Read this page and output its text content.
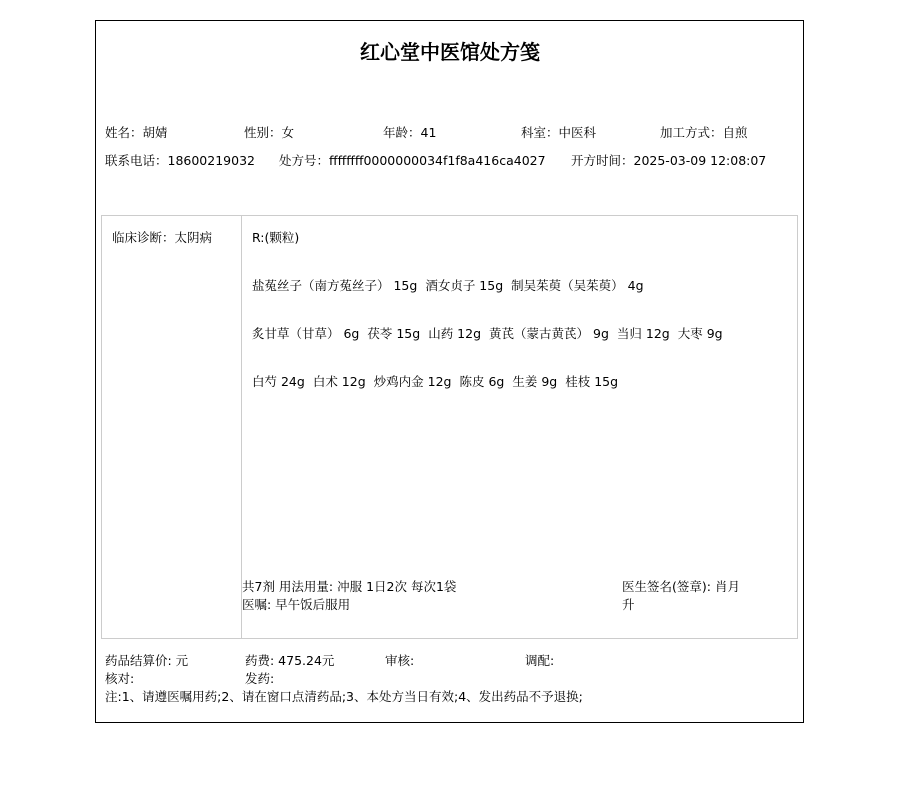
红心堂中医馆处方笺
姓名：胡婧	性别：女	年龄：41	科室：中医科	加工方式：自煎
联系电话：18600219032 处方号：ffffffff0000000034f1f8a416ca4027 开方时间：2025-03-09 12:08:07
临床诊断：太阴病	R:(颗粒)
盐菟丝子（南方菟丝子） 15g 酒女贞子 15g 制吴茱萸（吴茱萸） 4g
炙甘草（甘草） 6g 茯苓 15g 山药 12g 黄芪（蒙古黄芪） 9g 当归 12g 大枣 9g
白芍 24g 白术 12g 炒鸡内金 12g 陈皮 6g 生姜 9g 桂枝 15g
共7剂 用法用量: 冲服 1日2次 每次1袋
医嘱: 早午饭后服用
医生签名(签章): 肖月
升
药品结算价: 元	药费: 475.24元	审核:	调配:
核对:	发药:
注:1、请遵医嘱用药;2、请在窗口点清药品;3、本处方当日有效;4、发出药品不予退换;
